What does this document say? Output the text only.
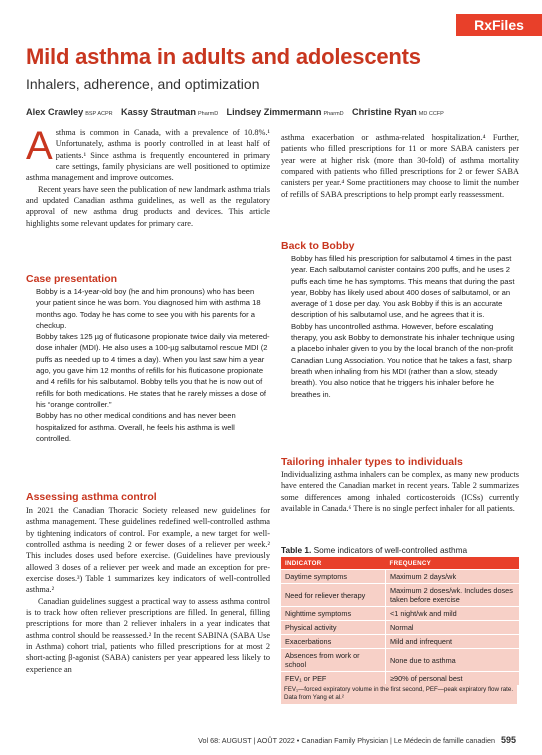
RxFiles
Mild asthma in adults and adolescents
Inhalers, adherence, and optimization
Alex Crawley BSP ACPR Kassy Strautman PharmD Lindsey Zimmermann PharmD Christine Ryan MD CCFP

Asthma is common in Canada, with a prevalence of 10.8%.¹ Unfortunately, asthma is poorly controlled in at least half of patients.¹ Since asthma is frequently encountered in primary care settings, family physicians are well positioned to optimize asthma management and improve outcomes.

Recent years have seen the publication of new landmark asthma trials and updated Canadian asthma guidelines, as well as the regulatory approval of new asthma drug products and devices. This article highlights some relevant updates for primary care.

Case presentation

Bobby is a 14-year-old boy (he and him pronouns) who has been your patient since he was born. You diagnosed him with asthma 18 months ago. Today he has come to see you with his parents for a checkup.

Bobby takes 125 µg of fluticasone propionate twice daily via metered-dose inhaler (MDI). He also uses a 100-µg salbutamol rescue MDI (2 puffs as needed up to 4 times a day). When you last saw him a year ago, you gave him 12 months of refills for his fluticasone propionate and 4 refills for his salbutamol. Bobby tells you that he is now out of refills for both medications. He states that he rarely misses a dose of his “orange controller.”

Bobby has no other medical conditions and has never been hospitalized for asthma. Overall, he feels his asthma is well controlled.

Assessing asthma control

In 2021 the Canadian Thoracic Society released new guidelines for asthma management. These guidelines redefined well-controlled asthma by tightening indicators of control. For example, a new target for well-controlled asthma is needing 2 or fewer doses of a reliever per week.² This includes doses used before exercise. (Guidelines have previously allowed 3 doses of a reliever per week and made an exception for pre-exercise doses.³) Table 1 summarizes key indicators of well-controlled asthma.²

Canadian guidelines suggest a practical way to assess asthma control is to track how often reliever prescriptions are filled. In general, filling prescriptions for more than 2 reliever inhalers in a year indicates that asthma control should be reassessed.² In the recent SABINA (SABA Use in Asthma) cohort trial, patients who filled prescriptions for at most 2 short-acting β-agonist (SABA) canisters per year appeared less likely to experience an

asthma exacerbation or asthma-related hospitalization.⁴ Further, patients who filled prescriptions for 11 or more SABA canisters per year were at higher risk (more than 30-fold) of asthma mortality compared with patients who filled prescriptions for 2 or fewer SABA canisters per year.⁴ Some practitioners may choose to limit the number of refills of SABA prescriptions to help prompt early reassessment.

Back to Bobby

Bobby has filled his prescription for salbutamol 4 times in the past year. Each salbutamol canister contains 200 puffs, and he uses 2 puffs each time he has symptoms. This means that during the past year, Bobby has likely used about 400 doses of salbutamol, or an average of 1 dose per day. You ask Bobby if this is an accurate description of his salbutamol use, and he agrees that it is.

Bobby has uncontrolled asthma. However, before escalating therapy, you ask Bobby to demonstrate his inhaler technique using a placebo inhaler given to you by the local branch of the non-profit Canadian Lung Association. You notice that he takes a fast, sharp breath when inhaling from his MDI (rather than a slow, steady breath). You also notice that he triggers his inhaler before he breathes in.

Tailoring inhaler types to individuals

Individualizing asthma inhalers can be complex, as many new products have entered the Canadian market in recent years. Table 2 summarizes some differences among inhaled corticosteroids (ICSs) currently available in Canada.⁶ There is no single perfect inhaler for all patients.

Table 1. Some indicators of well-controlled asthma
INDICATOR	FREQUENCY
Daytime symptoms	Maximum 2 days/wk
Need for reliever therapy	Maximum 2 doses/wk. Includes doses taken before exercise
Nighttime symptoms	<1 night/wk and mild
Physical activity	Normal
Exacerbations	Mild and infrequent
Absences from work or school	None due to asthma
FEV₁ or PEF	≥90% of personal best
FEV₁—forced expiratory volume in the first second, PEF—peak expiratory flow rate.
Data from Yang et al.²
Vol 68: AUGUST | AOÛT 2022 • Canadian Family Physician | Le Médecin de famille canadien 595
